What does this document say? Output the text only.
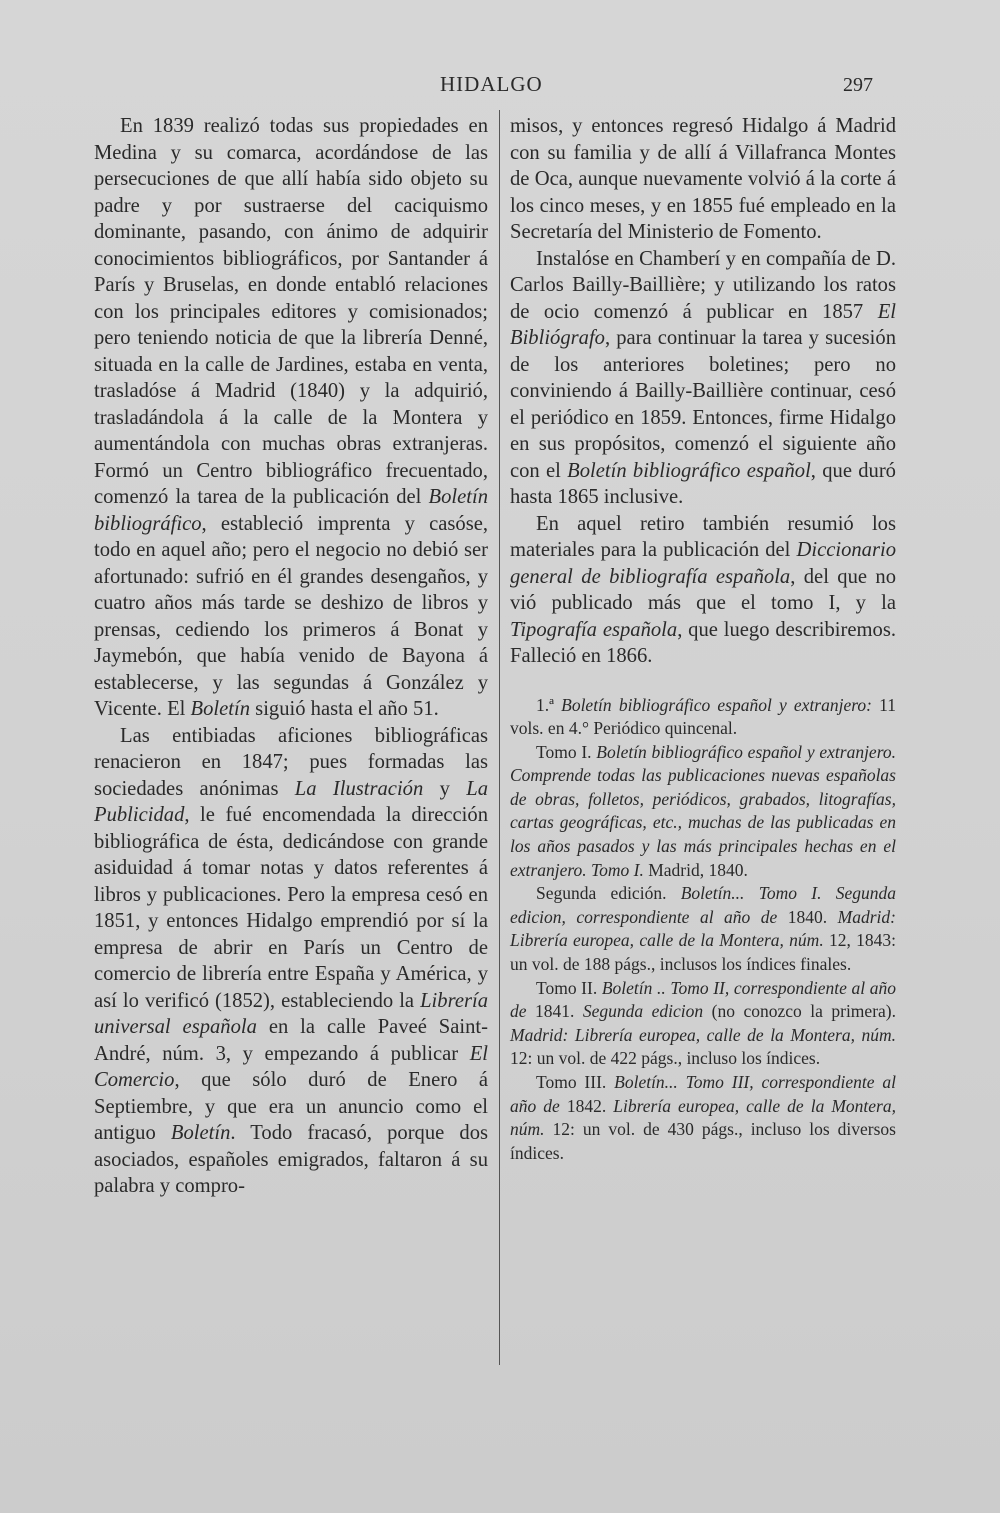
HIDALGO	297

En 1839 realizó todas sus propiedades en Medina y su comarca, acordándose de las persecuciones de que allí había sido objeto su padre y por sustraerse del caciquismo dominante, pasando, con ánimo de adquirir conocimientos bibliográficos, por Santander á París y Bruselas, en donde entabló relaciones con los principales editores y comisionados; pero teniendo noticia de que la librería Denné, situada en la calle de Jardines, estaba en venta, trasladóse á Madrid (1840) y la adquirió, trasladándola á la calle de la Montera y aumentándola con muchas obras extranjeras. Formó un Centro bibliográfico frecuentado, comenzó la tarea de la publicación del Boletín bibliográfico, estableció imprenta y casóse, todo en aquel año; pero el negocio no debió ser afortunado: sufrió en él grandes desengaños, y cuatro años más tarde se deshizo de libros y prensas, cediendo los primeros á Bonat y Jaymebón, que había venido de Bayona á establecerse, y las segundas á González y Vicente. El Boletín siguió hasta el año 51.

Las entibiadas aficiones bibliográficas renacieron en 1847; pues formadas las sociedades anónimas La Ilustración y La Publicidad, le fué encomendada la dirección bibliográfica de ésta, dedicándose con grande asiduidad á tomar notas y datos referentes á libros y publicaciones. Pero la empresa cesó en 1851, y entonces Hidalgo emprendió por sí la empresa de abrir en París un Centro de comercio de librería entre España y América, y así lo verificó (1852), estableciendo la Librería universal española en la calle Paveé Saint-André, núm. 3, y empezando á publicar El Comercio, que sólo duró de Enero á Septiembre, y que era un anuncio como el antiguo Boletín. Todo fracasó, porque dos asociados, españoles emigrados, faltaron á su palabra y compro-

misos, y entonces regresó Hidalgo á Madrid con su familia y de allí á Villafranca Montes de Oca, aunque nuevamente volvió á la corte á los cinco meses, y en 1855 fué empleado en la Secretaría del Ministerio de Fomento.

Instalóse en Chamberí y en compañía de D. Carlos Bailly-Baillière; y utilizando los ratos de ocio comenzó á publicar en 1857 El Bibliógrafo, para continuar la tarea y sucesión de los anteriores boletines; pero no conviniendo á Bailly-Baillière continuar, cesó el periódico en 1859. Entonces, firme Hidalgo en sus propósitos, comenzó el siguiente año con el Boletín bibliográfico español, que duró hasta 1865 inclusive.

En aquel retiro también resumió los materiales para la publicación del Diccionario general de bibliografía española, del que no vió publicado más que el tomo I, y la Tipografía española, que luego describiremos. Falleció en 1866.

1.ª Boletín bibliográfico español y extranjero: 11 vols. en 4.° Periódico quincenal.

Tomo I. Boletín bibliográfico español y extranjero. Comprende todas las publicaciones nuevas españolas de obras, folletos, periódicos, grabados, litografías, cartas geográficas, etc., muchas de las publicadas en los años pasados y las más principales hechas en el extranjero. Tomo I. Madrid, 1840.

Segunda edición. Boletín... Tomo I. Segunda edicion, correspondiente al año de 1840. Madrid: Librería europea, calle de la Montera, núm. 12, 1843: un vol. de 188 págs., inclusos los índices finales.

Tomo II. Boletín .. Tomo II, correspondiente al año de 1841. Segunda edicion (no conozco la primera). Madrid: Librería europea, calle de la Montera, núm. 12: un vol. de 422 págs., incluso los índices.

Tomo III. Boletín... Tomo III, correspondiente al año de 1842. Librería europea, calle de la Montera, núm. 12: un vol. de 430 págs., incluso los diversos índices.
